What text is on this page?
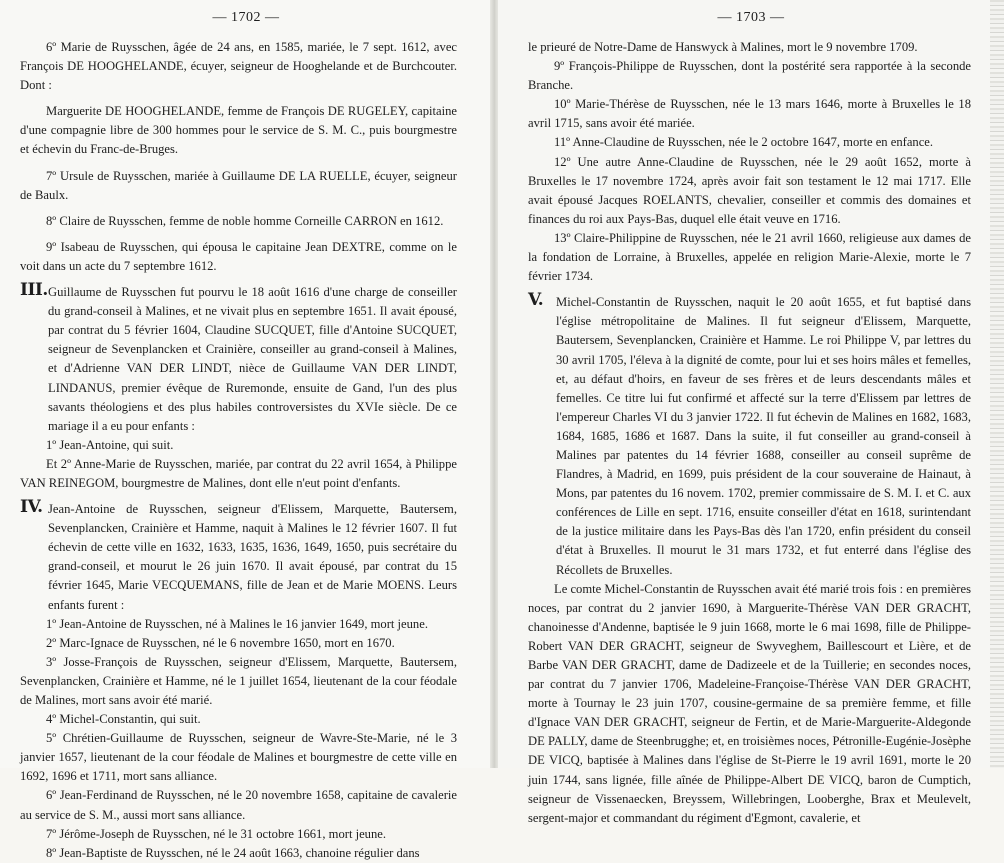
— 1702 —

6º Marie de Ruysschen, âgée de 24 ans, en 1585, mariée, le 7 sept. 1612, avec François DE HOOGHELANDE, écuyer, seigneur de Hooghelande et de Burchcouter. Dont :

Marguerite DE HOOGHELANDE, femme de François DE RUGELEY, capitaine d'une compagnie libre de 300 hommes pour le service de S. M. C., puis bourgmestre et échevin du Franc-de-Bruges.

7º Ursule de Ruysschen, mariée à Guillaume DE LA RUELLE, écuyer, seigneur de Baulx.

8º Claire de Ruysschen, femme de noble homme Corneille CARRON en 1612.

9º Isabeau de Ruysschen, qui épousa le capitaine Jean DEXTRE, comme on le voit dans un acte du 7 septembre 1612.

III. Guillaume de Ruysschen fut pourvu le 18 août 1616 d'une charge de conseiller du grand-conseil à Malines, et ne vivait plus en septembre 1651. Il avait épousé, par contrat du 5 février 1604, Claudine SUCQUET, fille d'Antoine SUCQUET, seigneur de Sevenplancken et Crainière, conseiller au grand-conseil à Malines, et d'Adrienne VAN DER LINDT, nièce de Guillaume VAN DER LINDT, LINDANUS, premier évêque de Ruremonde, ensuite de Gand, l'un des plus savants théologiens et des plus habiles controversistes du XVIe siècle. De ce mariage il a eu pour enfants :

1º Jean-Antoine, qui suit.

Et 2º Anne-Marie de Ruysschen, mariée, par contrat du 22 avril 1654, à Philippe VAN REINEGOM, bourgmestre de Malines, dont elle n'eut point d'enfants.

IV. Jean-Antoine de Ruysschen, seigneur d'Elissem, Marquette, Bautersem, Sevenplancken, Crainière et Hamme, naquit à Malines le 12 février 1607. Il fut échevin de cette ville en 1632, 1633, 1635, 1636, 1649, 1650, puis secrétaire du grand-conseil, et mourut le 26 juin 1670. Il avait épousé, par contrat du 15 février 1645, Marie VECQUEMANS, fille de Jean et de Marie MOENS. Leurs enfants furent :

1º Jean-Antoine de Ruysschen, né à Malines le 16 janvier 1649, mort jeune.

2º Marc-Ignace de Ruysschen, né le 6 novembre 1650, mort en 1670.

3º Josse-François de Ruysschen, seigneur d'Elissem, Marquette, Bautersem, Sevenplancken, Crainière et Hamme, né le 1 juillet 1654, lieutenant de la cour féodale de Malines, mort sans avoir été marié.

4º Michel-Constantin, qui suit.

5º Chrétien-Guillaume de Ruysschen, seigneur de Wavre-Ste-Marie, né le 3 janvier 1657, lieutenant de la cour féodale de Malines et bourgmestre de cette ville en 1692, 1696 et 1711, mort sans alliance.

6º Jean-Ferdinand de Ruysschen, né le 20 novembre 1658, capitaine de cavalerie au service de S. M., aussi mort sans alliance.

7º Jérôme-Joseph de Ruysschen, né le 31 octobre 1661, mort jeune.

8º Jean-Baptiste de Ruysschen, né le 24 août 1663, chanoine régulier dans

— 1703 —

le prieuré de Notre-Dame de Hanswyck à Malines, mort le 9 novembre 1709.

9º François-Philippe de Ruysschen, dont la postérité sera rapportée à la seconde Branche.

10º Marie-Thérèse de Ruysschen, née le 13 mars 1646, morte à Bruxelles le 18 avril 1715, sans avoir été mariée.

11º Anne-Claudine de Ruysschen, née le 2 octobre 1647, morte en enfance.

12º Une autre Anne-Claudine de Ruysschen, née le 29 août 1652, morte à Bruxelles le 17 novembre 1724, après avoir fait son testament le 12 mai 1717. Elle avait épousé Jacques ROELANTS, chevalier, conseiller et commis des domaines et finances du roi aux Pays-Bas, duquel elle était veuve en 1716.

13º Claire-Philippine de Ruysschen, née le 21 avril 1660, religieuse aux dames de la fondation de Lorraine, à Bruxelles, appelée en religion Marie-Alexie, morte le 7 février 1734.

V. Michel-Constantin de Ruysschen, naquit le 20 août 1655, et fut baptisé dans l'église métropolitaine de Malines. Il fut seigneur d'Elissem, Marquette, Bautersem, Sevenplancken, Crainière et Hamme. Le roi Philippe V, par lettres du 30 avril 1705, l'éleva à la dignité de comte, pour lui et ses hoirs mâles et femelles, et, au défaut d'hoirs, en faveur de ses frères et de leurs descendants mâles et femelles. Ce titre lui fut confirmé et affecté sur la terre d'Elissem par lettres de l'empereur Charles VI du 3 janvier 1722. Il fut échevin de Malines en 1682, 1683, 1684, 1685, 1686 et 1687. Dans la suite, il fut conseiller au grand-conseil à Malines par patentes du 14 février 1688, conseiller au conseil suprême de Flandres, à Madrid, en 1699, puis président de la cour souveraine de Hainaut, à Mons, par patentes du 16 novem. 1702, premier commissaire de S. M. I. et C. aux conférences de Lille en sept. 1716, ensuite conseiller d'état en 1618, surintendant de la justice militaire dans les Pays-Bas dès l'an 1720, enfin président du conseil d'état à Bruxelles. Il mourut le 31 mars 1732, et fut enterré dans l'église des Récollets de Bruxelles.

Le comte Michel-Constantin de Ruysschen avait été marié trois fois : en premières noces, par contrat du 2 janvier 1690, à Marguerite-Thérèse VAN DER GRACHT, chanoinesse d'Andenne, baptisée le 9 juin 1668, morte le 6 mai 1698, fille de Philippe-Robert VAN DER GRACHT, seigneur de Swyveghem, Baillescourt et Lière, et de Barbe VAN DER GRACHT, dame de Dadizeele et de la Tuillerie; en secondes noces, par contrat du 7 janvier 1706, Madeleine-Françoise-Thérèse VAN DER GRACHT, morte à Tournay le 23 juin 1707, cousine-germaine de sa première femme, et fille d'Ignace VAN DER GRACHT, seigneur de Fertin, et de Marie-Marguerite-Aldegonde DE PALLY, dame de Steenbrugghe; et, en troisièmes noces, Pétronille-Eugénie-Josèphe DE VICQ, baptisée à Malines dans l'église de St-Pierre le 19 avril 1691, morte le 20 juin 1744, sans lignée, fille aînée de Philippe-Albert DE VICQ, baron de Cumptich, seigneur de Vissenaecken, Breyssem, Willebringen, Looberghe, Brax et Meulevelt, sergent-major et commandant du régiment d'Egmont, cavalerie, et
